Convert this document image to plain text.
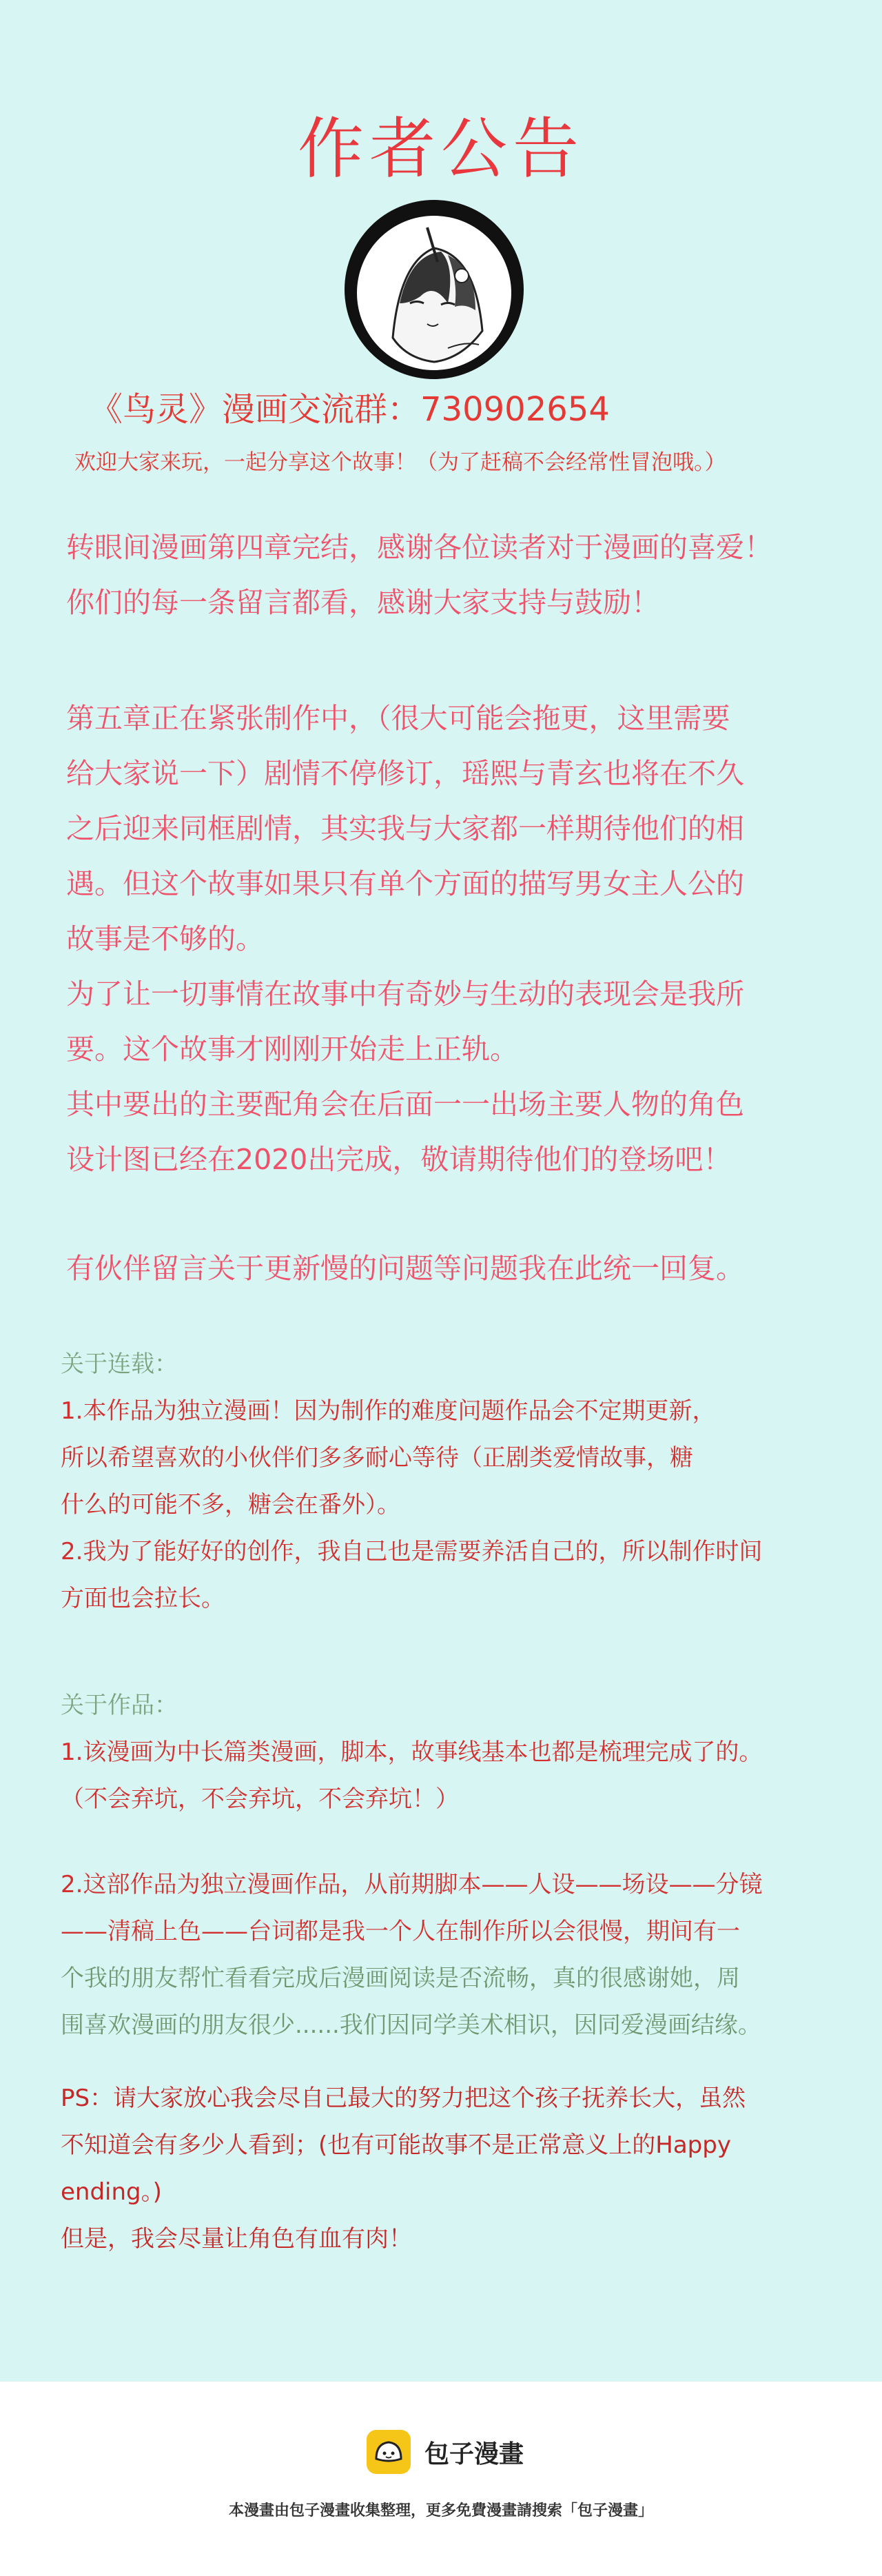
作者公告
《鸟灵》漫画交流群：730902654
欢迎大家来玩，一起分享这个故事！（为了赶稿不会经常性冒泡哦。）
转眼间漫画第四章完结，感谢各位读者对于漫画的喜爱！
你们的每一条留言都看，感谢大家支持与鼓励！
第五章正在紧张制作中，（很大可能会拖更，这里需要
给大家说一下）剧情不停修订，瑶熙与青玄也将在不久
之后迎来同框剧情，其实我与大家都一样期待他们的相
遇。但这个故事如果只有单个方面的描写男女主人公的
故事是不够的。
为了让一切事情在故事中有奇妙与生动的表现会是我所
要。这个故事才刚刚开始走上正轨。
其中要出的主要配角会在后面一一出场主要人物的角色
设计图已经在2020出完成，敬请期待他们的登场吧！
有伙伴留言关于更新慢的问题等问题我在此统一回复。
关于连载：
1.本作品为独立漫画！因为制作的难度问题作品会不定期更新，
所以希望喜欢的小伙伴们多多耐心等待（正剧类爱情故事，糖
什么的可能不多，糖会在番外）。
2.我为了能好好的创作，我自己也是需要养活自己的，所以制作时间
方面也会拉长。
关于作品：
1.该漫画为中长篇类漫画，脚本，故事线基本也都是梳理完成了的。
（不会弃坑，不会弃坑，不会弃坑！）
2.这部作品为独立漫画作品，从前期脚本——人设——场设——分镜
——清稿上色——台词都是我一个人在制作所以会很慢，期间有一
个我的朋友帮忙看看完成后漫画阅读是否流畅，真的很感谢她，周
围喜欢漫画的朋友很少......我们因同学美术相识，因同爱漫画结缘。
PS：请大家放心我会尽自己最大的努力把这个孩子抚养长大，虽然
不知道会有多少人看到；(也有可能故事不是正常意义上的Happy
ending。)
但是，我会尽量让角色有血有肉！
包子漫畫
本漫畫由包子漫畫收集整理，更多免費漫畫請搜索「包子漫畫」
